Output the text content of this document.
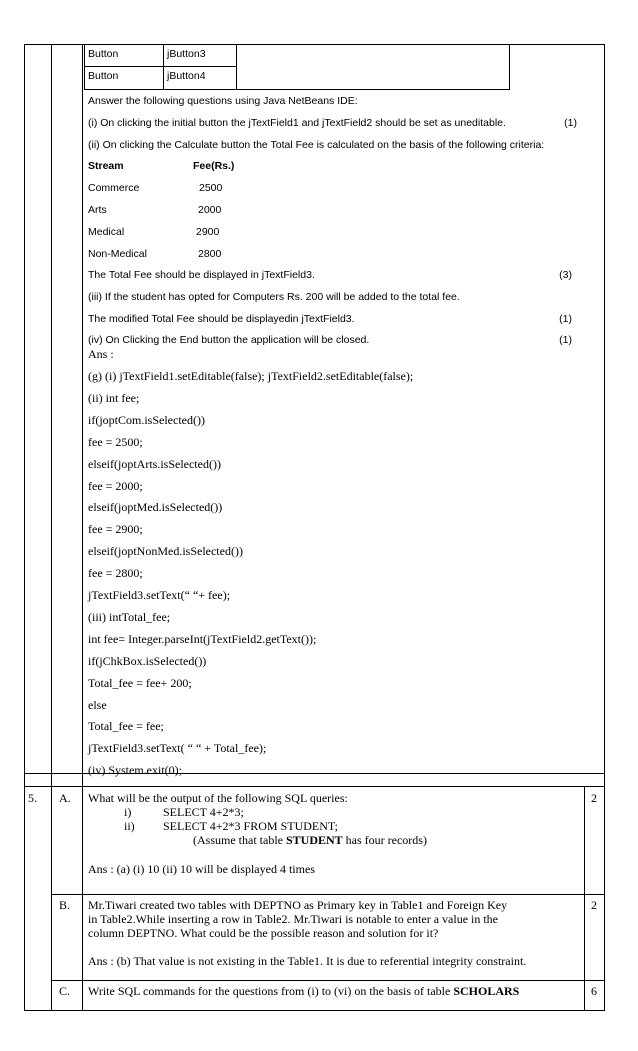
Button	jButton3
Button	jButton4
Answer the following questions using Java NetBeans IDE:
(i) On clicking the initial button the jTextField1 and jTextField2 should be set as uneditable.	(1)
(ii) On clicking the Calculate button the Total Fee is calculated on the basis of the following criteria:
Stream	Fee(Rs.)
Commerce	2500
Arts	2000
Medical	2900
Non-Medical	2800
The Total Fee should be displayed in jTextField3.	(3)
(iii) If the student has opted for Computers Rs. 200 will be added to the total fee.
The modified Total Fee should be displayedin jTextField3.	(1)
(iv) On Clicking the End button the application will be closed.	(1)
Ans :
(g) (i) jTextField1.setEditable(false); jTextField2.setEditable(false);
(ii) int fee;
if(joptCom.isSelected())
fee = 2500;
elseif(joptArts.isSelected())
fee = 2000;
elseif(joptMed.isSelected())
fee = 2900;
elseif(joptNonMed.isSelected())
fee = 2800;
jTextField3.setText(“ “+ fee);
(iii) intTotal_fee;
int fee= Integer.parseInt(jTextField2.getText());
if(jChkBox.isSelected())
Total_fee = fee+ 200;
else
Total_fee = fee;
jTextField3.setText( “ “ + Total_fee);
(iv) System.exit(0);
5. A. What will be the output of the following SQL queries:
i)	SELECT 4+2*3;
ii) SELECT 4+2*3 FROM STUDENT;
(Assume that table STUDENT has four records)
Ans : (a) (i) 10 (ii) 10 will be displayed 4 times
2
B. Mr.Tiwari created two tables with DEPTNO as Primary key in Table1 and Foreign Key
in Table2.While inserting a row in Table2. Mr.Tiwari is notable to enter a value in the
column DEPTNO. What could be the possible reason and solution for it?
Ans : (b) That value is not existing in the Table1. It is due to referential integrity constraint.
2
C. Write SQL commands for the questions from (i) to (vi) on the basis of table SCHOLARS	6
